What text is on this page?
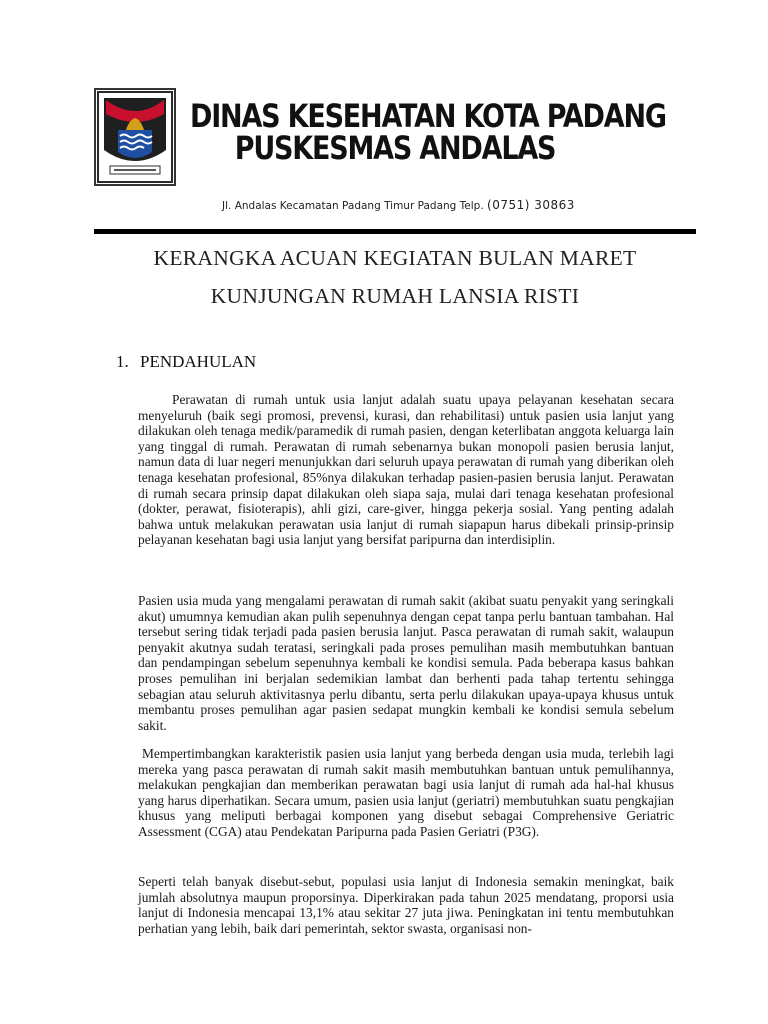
DINAS KESEHATAN KOTA PADANG
PUSKESMAS ANDALAS
Jl. Andalas Kecamatan Padang Timur Padang Telp. (0751) 30863
KERANGKA ACUAN KEGIATAN BULAN MARET
KUNJUNGAN RUMAH LANSIA RISTI
1. PENDAHULAN

Perawatan di rumah untuk usia lanjut adalah suatu upaya pelayanan kesehatan secara menyeluruh (baik segi promosi, prevensi, kurasi, dan rehabilitasi) untuk pasien usia lanjut yang dilakukan oleh tenaga medik/paramedik di rumah pasien, dengan keterlibatan anggota keluarga lain yang tinggal di rumah. Perawatan di rumah sebenarnya bukan monopoli pasien berusia lanjut, namun data di luar negeri menunjukkan dari seluruh upaya perawatan di rumah yang diberikan oleh tenaga kesehatan profesional, 85%nya dilakukan terhadap pasien-pasien berusia lanjut. Perawatan di rumah secara prinsip dapat dilakukan oleh siapa saja, mulai dari tenaga kesehatan profesional (dokter, perawat, fisioterapis), ahli gizi, care-giver, hingga pekerja sosial. Yang penting adalah bahwa untuk melakukan perawatan usia lanjut di rumah siapapun harus dibekali prinsip-prinsip pelayanan kesehatan bagi usia lanjut yang bersifat paripurna dan interdisiplin.

Pasien usia muda yang mengalami perawatan di rumah sakit (akibat suatu penyakit yang seringkali akut) umumnya kemudian akan pulih sepenuhnya dengan cepat tanpa perlu bantuan tambahan. Hal tersebut sering tidak terjadi pada pasien berusia lanjut. Pasca perawatan di rumah sakit, walaupun penyakit akutnya sudah teratasi, seringkali pada proses pemulihan masih membutuhkan bantuan dan pendampingan sebelum sepenuhnya kembali ke kondisi semula. Pada beberapa kasus bahkan proses pemulihan ini berjalan sedemikian lambat dan berhenti pada tahap tertentu sehingga sebagian atau seluruh aktivitasnya perlu dibantu, serta perlu dilakukan upaya-upaya khusus untuk membantu proses pemulihan agar pasien sedapat mungkin kembali ke kondisi semula sebelum sakit.

Mempertimbangkan karakteristik pasien usia lanjut yang berbeda dengan usia muda, terlebih lagi mereka yang pasca perawatan di rumah sakit masih membutuhkan bantuan untuk pemulihannya, melakukan pengkajian dan memberikan perawatan bagi usia lanjut di rumah ada hal-hal khusus yang harus diperhatikan. Secara umum, pasien usia lanjut (geriatri) membutuhkan suatu pengkajian khusus yang meliputi berbagai komponen yang disebut sebagai Comprehensive Geriatric Assessment (CGA) atau Pendekatan Paripurna pada Pasien Geriatri (P3G).

Seperti telah banyak disebut-sebut, populasi usia lanjut di Indonesia semakin meningkat, baik jumlah absolutnya maupun proporsinya. Diperkirakan pada tahun 2025 mendatang, proporsi usia lanjut di Indonesia mencapai 13,1% atau sekitar 27 juta jiwa. Peningkatan ini tentu membutuhkan perhatian yang lebih, baik dari pemerintah, sektor swasta, organisasi non-
